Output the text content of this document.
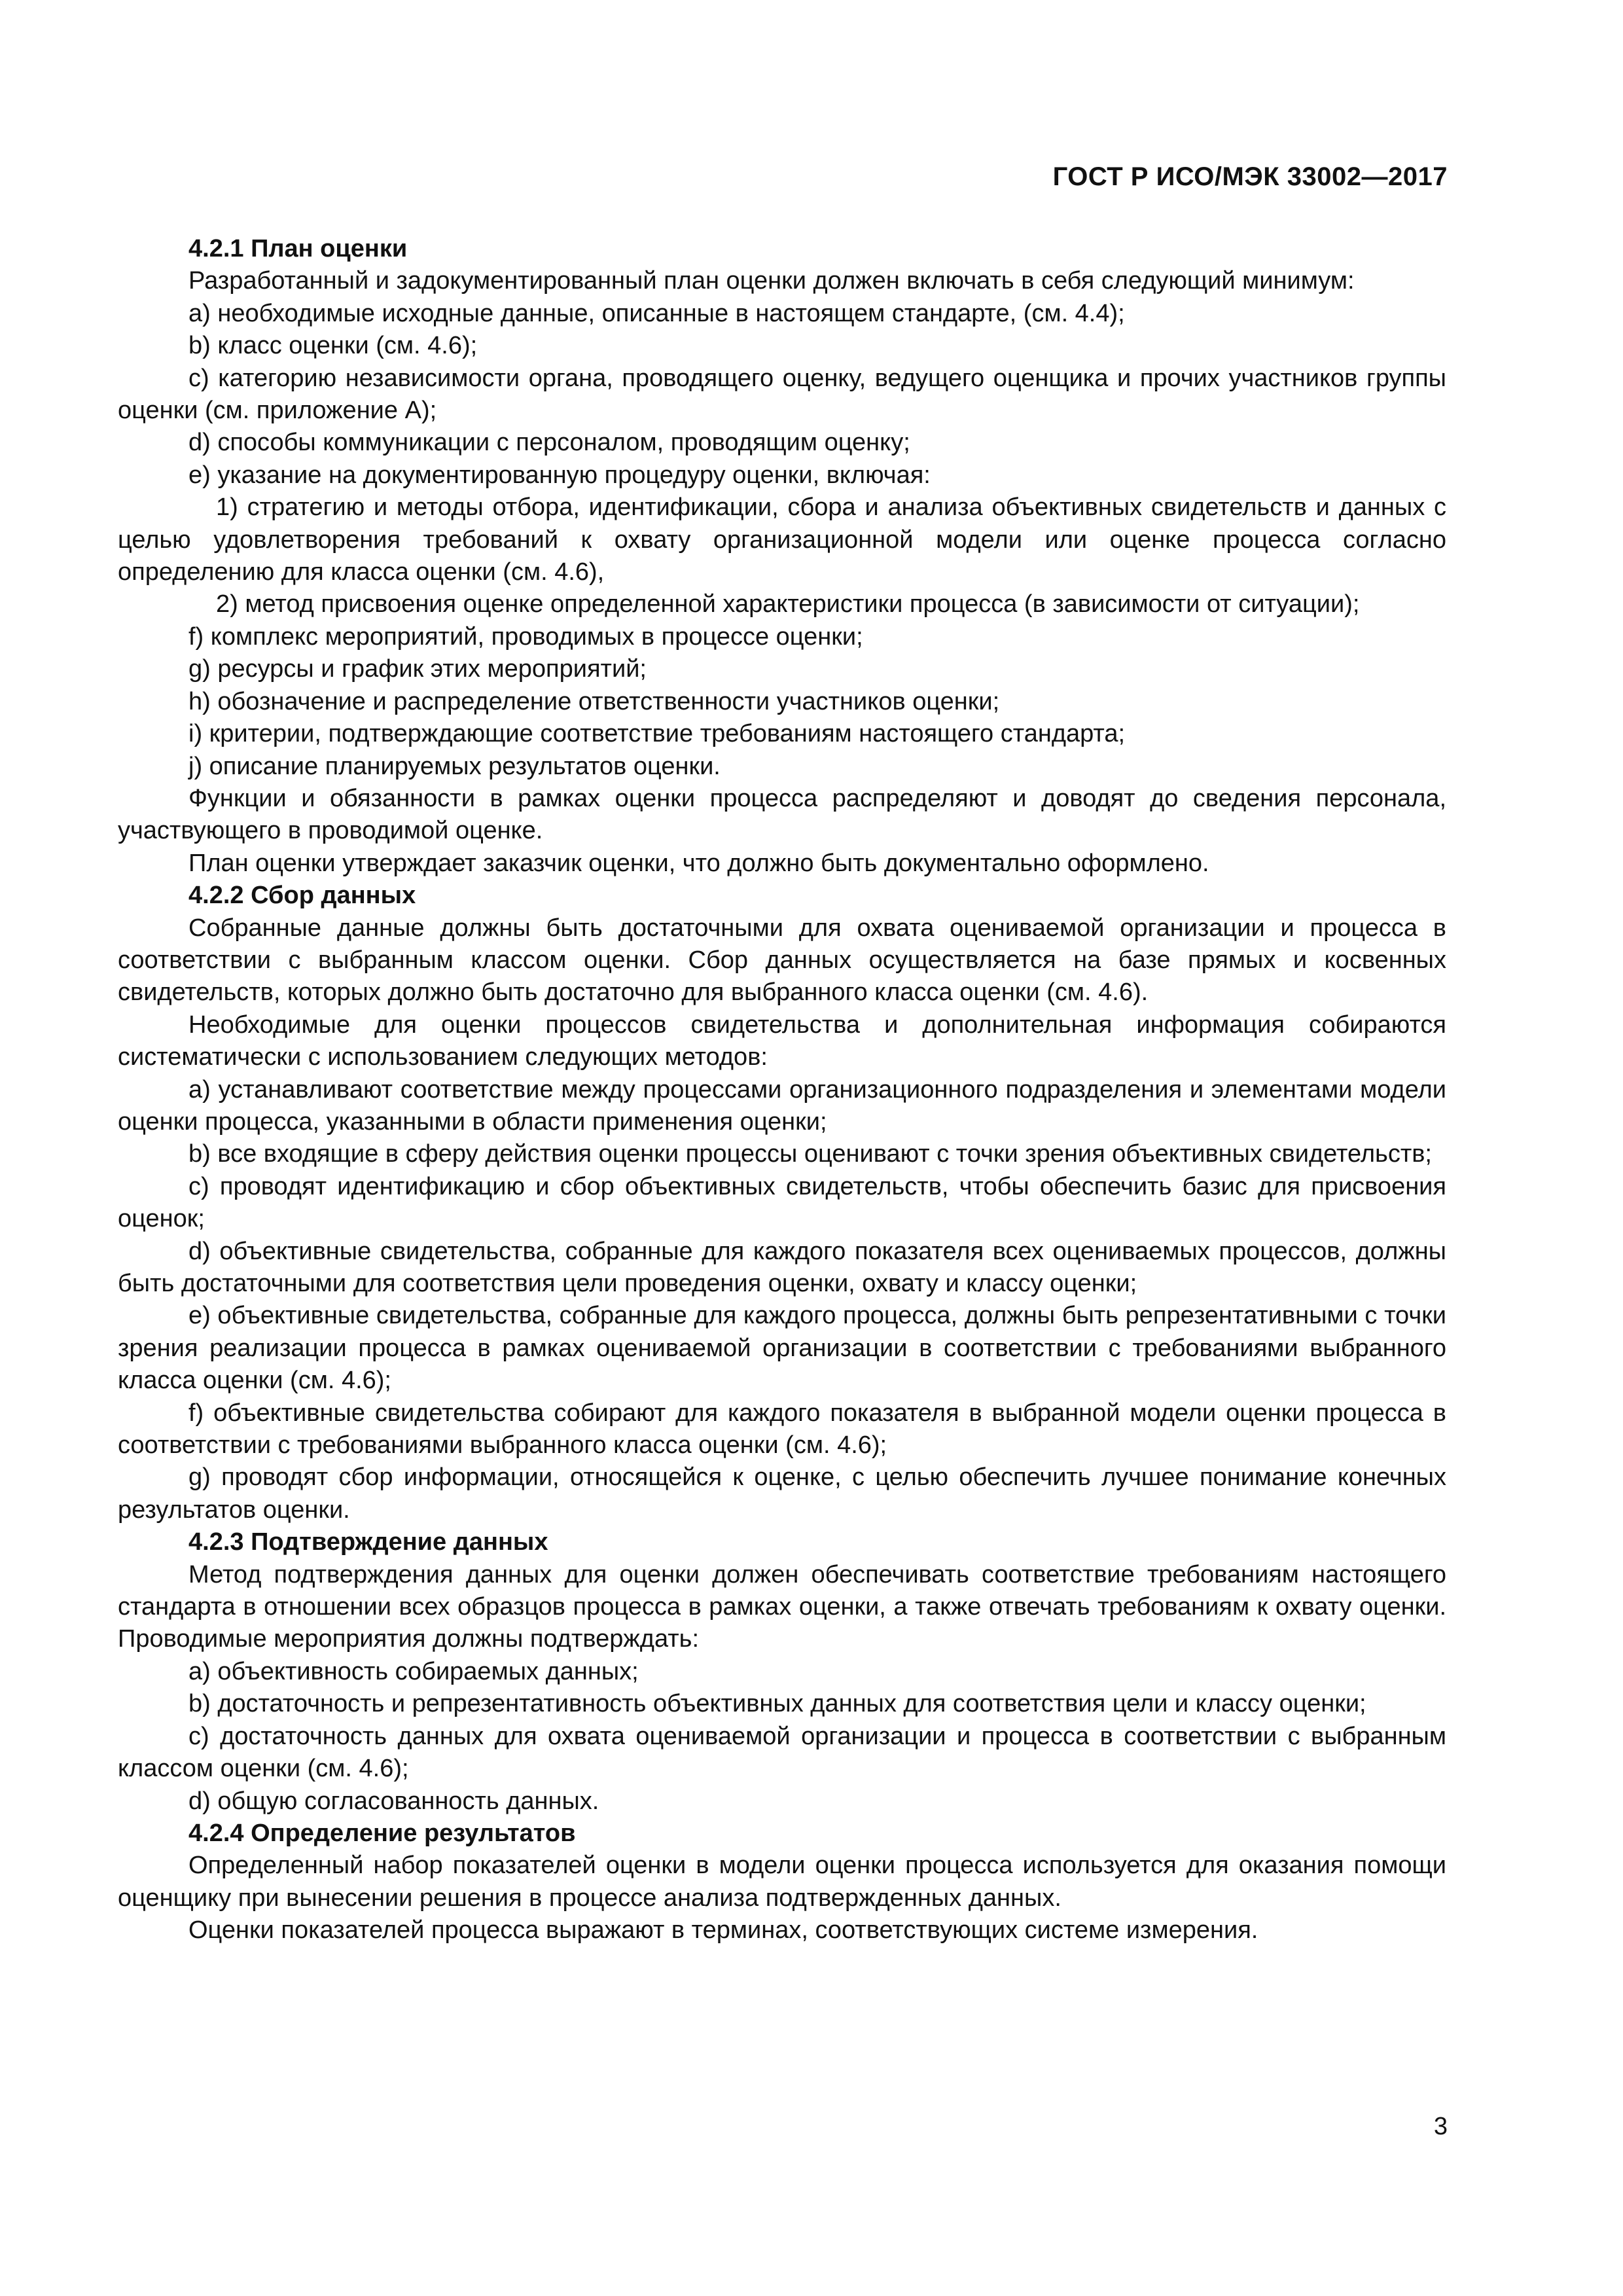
ГОСТ Р ИСО/МЭК 33002—2017
4.2.1 План оценки

Разработанный и задокументированный план оценки должен включать в себя следующий минимум:

a) необходимые исходные данные, описанные в настоящем стандарте, (см. 4.4);

b) класс оценки (см. 4.6);

c) категорию независимости органа, проводящего оценку, ведущего оценщика и прочих участников группы оценки (см. приложение А);

d) способы коммуникации с персоналом, проводящим оценку;

e) указание на документированную процедуру оценки, включая:

1) стратегию и методы отбора, идентификации, сбора и анализа объективных свидетельств и данных с целью удовлетворения требований к охвату организационной модели или оценке процесса согласно определению для класса оценки (см. 4.6),

2) метод присвоения оценке определенной характеристики процесса (в зависимости от ситуации);

f) комплекс мероприятий, проводимых в процессе оценки;

g) ресурсы и график этих мероприятий;

h) обозначение и распределение ответственности участников оценки;

i) критерии, подтверждающие соответствие требованиям настоящего стандарта;

j) описание планируемых результатов оценки.

Функции и обязанности в рамках оценки процесса распределяют и доводят до сведения персонала, участвующего в проводимой оценке.

План оценки утверждает заказчик оценки, что должно быть документально оформлено.

4.2.2 Сбор данных

Собранные данные должны быть достаточными для охвата оцениваемой организации и процесса в соответствии с выбранным классом оценки. Сбор данных осуществляется на базе прямых и косвенных свидетельств, которых должно быть достаточно для выбранного класса оценки (см. 4.6).

Необходимые для оценки процессов свидетельства и дополнительная информация собираются систематически с использованием следующих методов:

a) устанавливают соответствие между процессами организационного подразделения и элементами модели оценки процесса, указанными в области применения оценки;

b) все входящие в сферу действия оценки процессы оценивают с точки зрения объективных свидетельств;

c) проводят идентификацию и сбор объективных свидетельств, чтобы обеспечить базис для присвоения оценок;

d) объективные свидетельства, собранные для каждого показателя всех оцениваемых процессов, должны быть достаточными для соответствия цели проведения оценки, охвату и классу оценки;

e) объективные свидетельства, собранные для каждого процесса, должны быть репрезентативными с точки зрения реализации процесса в рамках оцениваемой организации в соответствии с требованиями выбранного класса оценки (см. 4.6);

f) объективные свидетельства собирают для каждого показателя в выбранной модели оценки процесса в соответствии с требованиями выбранного класса оценки (см. 4.6);

g) проводят сбор информации, относящейся к оценке, с целью обеспечить лучшее понимание конечных результатов оценки.

4.2.3 Подтверждение данных

Метод подтверждения данных для оценки должен обеспечивать соответствие требованиям настоящего стандарта в отношении всех образцов процесса в рамках оценки, а также отвечать требованиям к охвату оценки. Проводимые мероприятия должны подтверждать:

a) объективность собираемых данных;

b) достаточность и репрезентативность объективных данных для соответствия цели и классу оценки;

c) достаточность данных для охвата оцениваемой организации и процесса в соответствии с выбранным классом оценки (см. 4.6);

d) общую согласованность данных.

4.2.4 Определение результатов

Определенный набор показателей оценки в модели оценки процесса используется для оказания помощи оценщику при вынесении решения в процессе анализа подтвержденных данных.

Оценки показателей процесса выражают в терминах, соответствующих системе измерения.

3
